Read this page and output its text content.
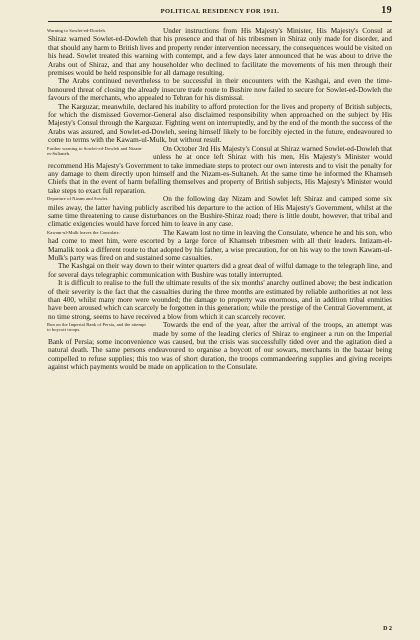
POLITICAL RESIDENCY FOR 1911.	19

Warning to Sowlet-ed-Dowleh.	Under instructions from His Majesty's Minister, His Majesty's Consul at Shiraz warned Sowlet-ed-Dowleh that his presence and that of his tribesmen in Shiraz only made for disorder, and that should any harm to British lives and property render intervention necessary, the consequences would be visited on his head. Sowlet treated this warning with contempt, and a few days later announced that he was about to drive the Arabs out of Shiraz, and that any householder who declined to facilitate the movements of his men through their premises would be held responsible for all damage resulting.

The Arabs continued nevertheless to be successful in their encounters with the Kashgai, and even the time-honoured threat of closing the already insecure trade route to Bushire now failed to secure for Sowlet-ed-Dowleh the favours of the merchants, who appealed to Tehran for his dismissal.

The Karguzar, meanwhile, declared his inability to afford protection for the lives and property of British subjects, for which the dismissed Governor-General also disclaimed responsibility when approached on the subject by His Majesty's Consul through the Karguzar. Fighting went on interruptedly, and by the end of the month the success of the Arabs was assured, and Sowlet-ed-Dowleh, seeing himself likely to be forcibly ejected in the future, endeavoured to come to terms with the Kawam-ul-Mulk, but without result.

Further warning to Sowlet-ed-Dowleh and Nizam-es-Sultaneh.
On October 3rd His Majesty's Consul at Shiraz warned Sowlet-ed-Dowleh that unless he at once left Shiraz with his men, His Majesty's Minister would recommend His Majesty's Government to take immediate steps to protect our own interests and to visit the penalty for any damage to them directly upon himself and the Nizam-es-Sultaneh. At the same time he informed the Khamseh Chiefs that in the event of harm befalling themselves and property of British subjects, His Majesty's Minister would take steps to exact full reparation.

Departure of Nizam and Sowlet.	On the following day Nizam and Sowlet left Shiraz and camped some six miles away, the latter having publicly ascribed his departure to the action of His Majesty's Government, whilst at the same time threatening to cause disturbances on the Bushire-Shiraz road; there is little doubt, however, that tribal and climatic exigencies would have forced him to leave in any case.

Kawam-ul-Mulk leaves the Consulate.	The Kawam lost no time in leaving the Consulate, whence he and his son, who had come to meet him, were escorted by a large force of Khamseh tribesmen with all their leaders. Intizam-el-Mamalik took a different route to that adopted by his father, a wise precaution, for on his way to the town Kawam-ul-Mulk's party was fired on and sustained some casualties.

The Kashgai on their way down to their winter quarters did a great deal of wilful damage to the telegraph line, and for several days telegraphic communication with Bushire was totally interrupted.

It is difficult to realise to the full the ultimate results of the six months' anarchy outlined above; the best indication of their severity is the fact that the casualties during the three months are estimated by reliable authorities at not less than 400, whilst many more were wounded; the damage to property was enormous, and in addition tribal enmities have been aroused which can scarcely be forgotten in this generation; while the prestige of the Central Government, at no time strong, seems to have received a blow from which it can scarcely recover.

Run on the Imperial Bank of Persia, and the attempt to boycott troops.
Towards the end of the year, after the arrival of the troops, an attempt was made by some of the leading clerics of Shiraz to engineer a run on the Imperial Bank of Persia; some inconvenience was caused, but the crisis was successfully tided over and the agitation died a natural death. The same persons endeavoured to organise a boycott of our sowars, merchants in the bazaar being compelled to refuse supplies; this too was of short duration, the troops commandeering supplies and giving receipts against which payments would be made on application to the Consulate.

D 2
